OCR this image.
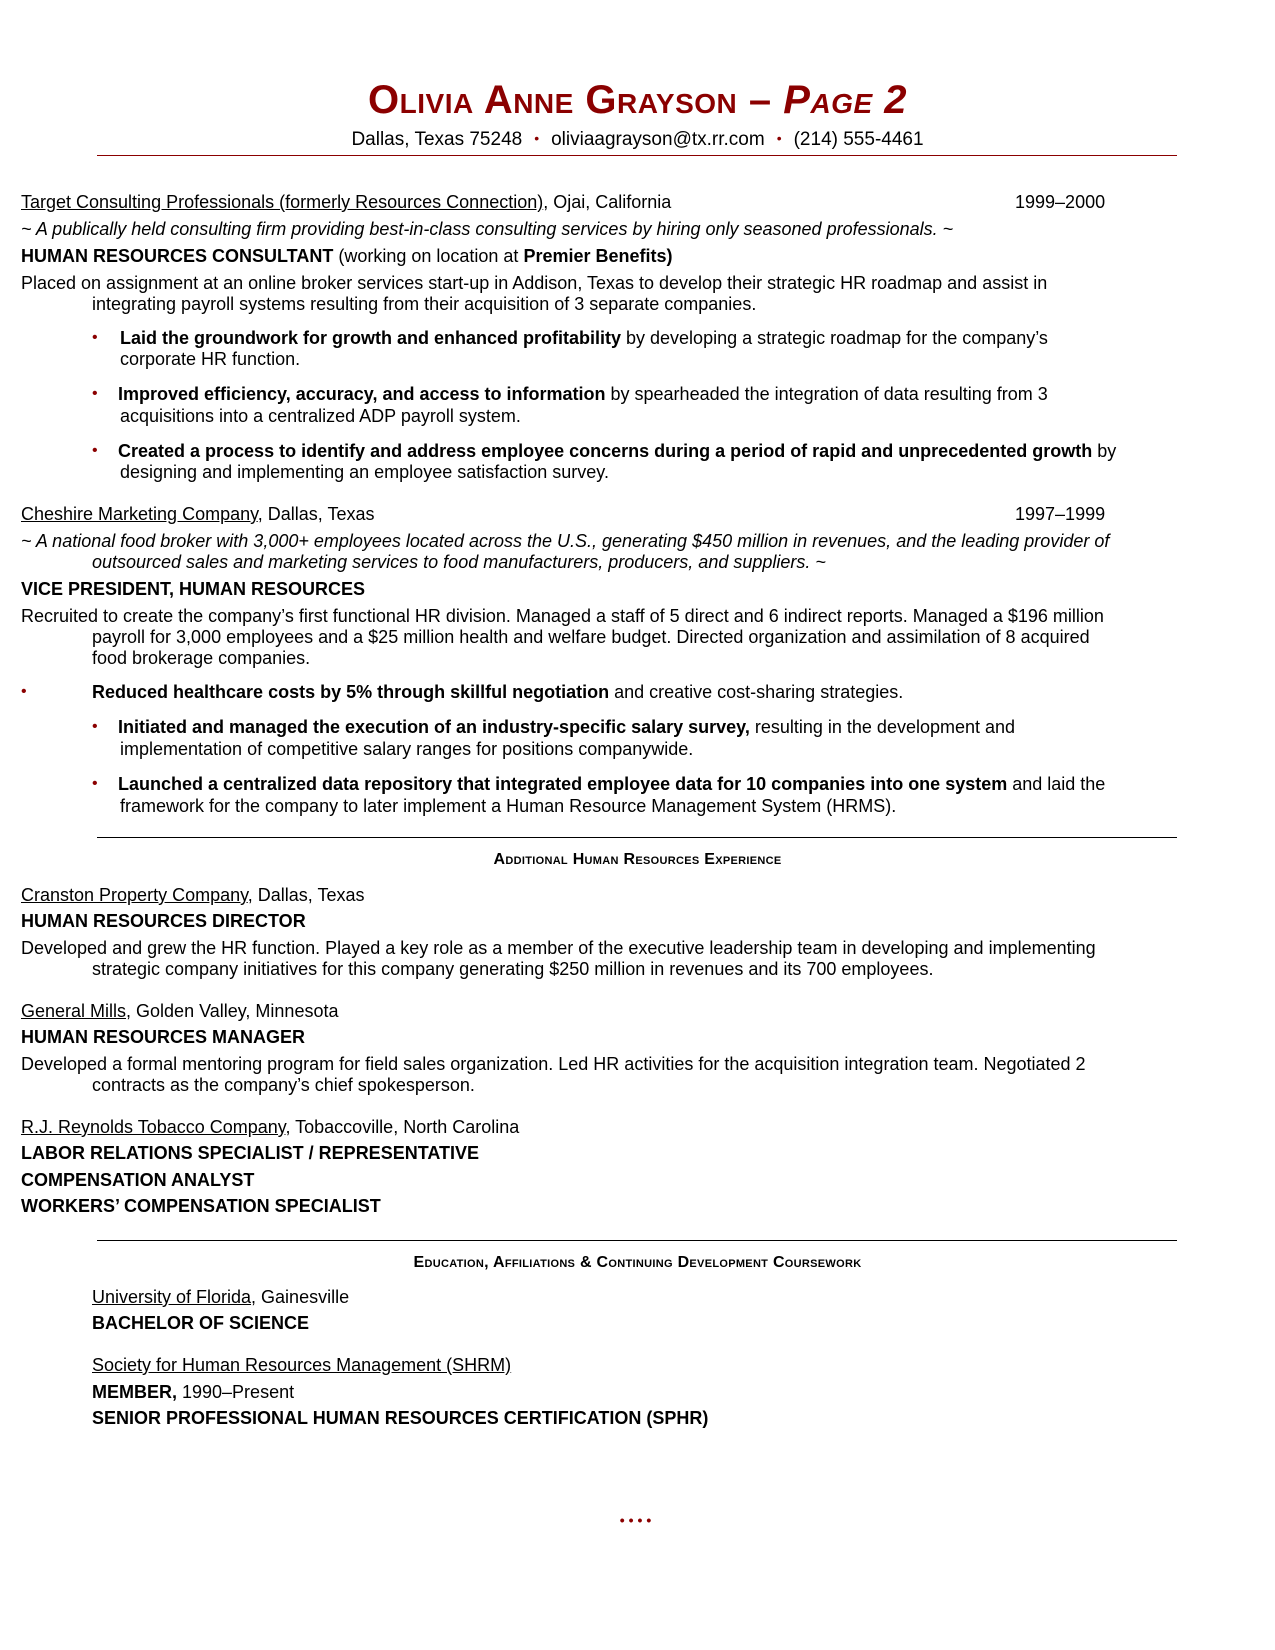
Olivia Anne Grayson – Page 2
Dallas, Texas 75248 • oliviaagrayson@tx.rr.com • (214) 555-4461
Target Consulting Professionals (formerly Resources Connection), Ojai, California	1999–2000
~ A publically held consulting firm providing best-in-class consulting services by hiring only seasoned professionals. ~
HUMAN RESOURCES CONSULTANT (working on location at Premier Benefits)
Placed on assignment at an online broker services start-up in Addison, Texas to develop their strategic HR roadmap and assist in
integrating payroll systems resulting from their acquisition of 3 separate companies.
• Laid the groundwork for growth and enhanced profitability by developing a strategic roadmap for the company’s
corporate HR function.
• Improved efficiency, accuracy, and access to information by spearheaded the integration of data resulting from 3
acquisitions into a centralized ADP payroll system.
• Created a process to identify and address employee concerns during a period of rapid and unprecedented growth by
designing and implementing an employee satisfaction survey.
Cheshire Marketing Company, Dallas, Texas	1997–1999
~ A national food broker with 3,000+ employees located across the U.S., generating $450 million in revenues, and the leading provider of
outsourced sales and marketing services to food manufacturers, producers, and suppliers. ~
VICE PRESIDENT, HUMAN RESOURCES
Recruited to create the company’s first functional HR division. Managed a staff of 5 direct and 6 indirect reports. Managed a $196 million
payroll for 3,000 employees and a $25 million health and welfare budget. Directed organization and assimilation of 8 acquired
food brokerage companies.
•	Reduced healthcare costs by 5% through skillful negotiation and creative cost-sharing strategies.
• Initiated and managed the execution of an industry-specific salary survey, resulting in the development and
implementation of competitive salary ranges for positions companywide.
• Launched a centralized data repository that integrated employee data for 10 companies into one system and laid the
framework for the company to later implement a Human Resource Management System (HRMS).
Additional Human Resources Experience
Cranston Property Company, Dallas, Texas
HUMAN RESOURCES DIRECTOR
Developed and grew the HR function. Played a key role as a member of the executive leadership team in developing and implementing
strategic company initiatives for this company generating $250 million in revenues and its 700 employees.
General Mills, Golden Valley, Minnesota
HUMAN RESOURCES MANAGER
Developed a formal mentoring program for field sales organization. Led HR activities for the acquisition integration team. Negotiated 2
contracts as the company’s chief spokesperson.
R.J. Reynolds Tobacco Company, Tobaccoville, North Carolina
LABOR RELATIONS SPECIALIST / REPRESENTATIVE
COMPENSATION ANALYST
WORKERS’ COMPENSATION SPECIALIST
Education, Affiliations & Continuing Development Coursework
University of Florida, Gainesville
BACHELOR OF SCIENCE
Society for Human Resources Management (SHRM)
MEMBER, 1990–Present
SENIOR PROFESSIONAL HUMAN RESOURCES CERTIFICATION (SPHR)
••••
